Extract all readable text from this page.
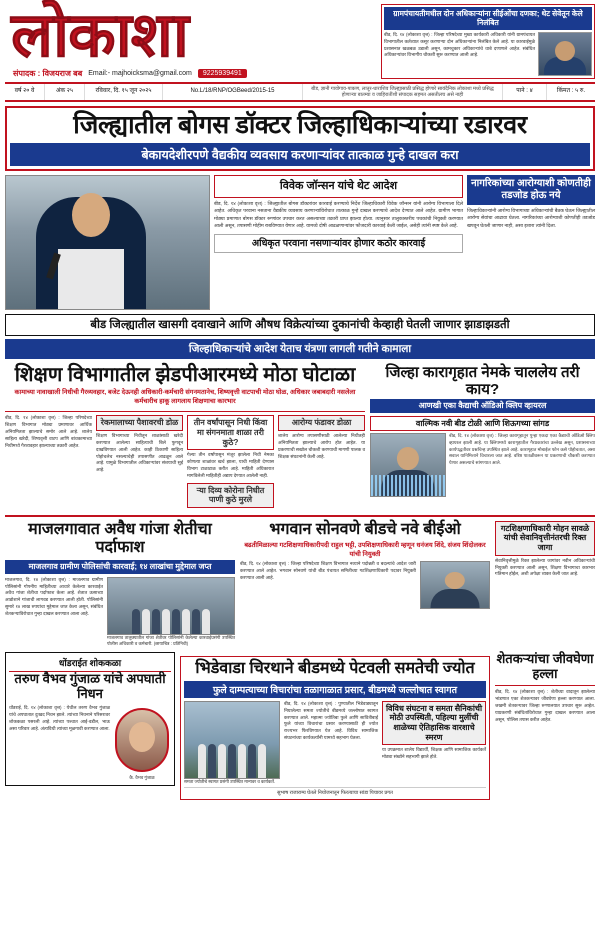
लोकाशा
संपादक : विजयराज बब Email:- majhoicksma@gmail.com	9225939491
ग्रामपंचायतीमधील दोन अधिकाऱ्यांना सीईओंचा दणका; थेट सेवेतून केले निलंबित
बीड, दि. १४ (लोकाशा वृत्त) : जिल्हा परिषदेच्या मुख्य कार्यकारी अधिकारी यांनी ग्रामपंचायत विभागातील कर्तव्यात कसूर करणाऱ्या दोन अधिकाऱ्यांना निलंबित केले आहे. या कारवाईमुळे प्रशासनात खळबळ उडाली असून, कामचुकार अधिकाऱ्यांचे धाबे दणाणले आहेत. संबंधित अधिकाऱ्यांवर विभागीय चौकशी सुरू करण्यात आली आहे.
वर्ष २० वे	अंक २५	रविवार, दि. १५ जून २०२५	No.L/18/RNP/OGBeed/2015-15	बीड, ज्ञानी गावोगाव-पाकण, लातूर-धाराशिव जिल्ह्यासाठी प्रसिद्ध होणारे सायंदैनिक लोकाशा मध्ये प्रसिद्ध होणाऱ्या बातम्या व जाहिरातींशी संपादक सहमत असतीलच असे नाही
पाने : ४	किंमत : ५ रु.
जिल्ह्यातील बोगस डॉक्टर जिल्हाधिकाऱ्यांच्या रडारवर
बेकायदेशीरपणे वैद्यकीय व्यवसाय करणाऱ्यांवर तात्काळ गुन्हे दाखल करा
विवेक जॉन्सन यांचे थेट आदेश
बीड, दि. १४ (लोकाशा वृत्त) : जिल्ह्यातील बोगस डॉक्टरांवर कारवाई करण्याचे निर्देश जिल्हाधिकारी विवेक जॉन्सन यांनी आरोग्य विभागाला दिले आहेत. अधिकृत परवाना नसताना वैद्यकीय व्यवसाय करणाऱ्यांविरोधात तात्काळ गुन्हे दाखल करण्याचे आदेश देण्यात आले आहेत. ग्रामीण भागात मोठ्या प्रमाणात बोगस डॉक्टर रुग्णांवर उपचार करत असल्याच्या तक्रारी प्राप्त झाल्या होत्या. त्यानुसार तालुकास्तरीय पथकांची नियुक्ती करण्यात आली असून, तपासणी मोहीम राबविण्यात येणार आहे. यामध्ये दोषी आढळणाऱ्यांवर फौजदारी कारवाई केली जाईल, असेही त्यांनी स्पष्ट केले आहे.
अधिकृत परवाना नसणाऱ्यांवर होणार कठोर कारवाई
नागरिकांच्या आरोग्याशी कोणतीही तडजोड होऊ नये
जिल्हाधिकाऱ्यांनी आरोग्य विभागाच्या अधिकाऱ्यांची बैठक घेऊन जिल्ह्यातील आरोग्य सेवांचा आढावा घेतला. नागरिकांच्या आरोग्याशी कोणतीही तडजोड खपवून घेतली जाणार नाही, असा इशारा त्यांनी दिला.
बीड जिल्ह्यातील खासगी दवाखाने आणि औषध विक्रेत्यांच्या दुकानांची केव्हाही घेतली जाणार झाडाझडती
जिल्हाधिकाऱ्यांचे आदेश येताच यंत्रणा लागली गतीने कामाला
शिक्षण विभागातील झेडपीआरमध्ये मोठा घोटाळा
कामाच्या नावाखाली निधीची गैरव्यवहार, बजेट देऊनही अधिकारी-कर्मचारी संगनमतानेच, शिष्यवृत्ती वाटपाची मोठा घोळ, अधिकार जबाबदारी नसलेला कर्मचारीच हाकू लागलाय शिक्षणाचा कारभार
बीड, दि. १४ (लोकाशा वृत्त) : जिल्हा परिषदेच्या शिक्षण विभागात मोठ्या प्रमाणावर आर्थिक अनियमितता झाल्याचे समोर आले आहे. शालेय साहित्य खरेदी, शिष्यवृत्ती वाटप आणि बांधकामाच्या निधीमध्ये गैरव्यवहार झाल्याच्या तक्रारी आहेत.
रेकमालाच्या पैशावरची डोळ
शिक्षण विभागाच्या निधीतून शाळांसाठी खरेदी करण्यात आलेल्या साहित्याची बिले फुगवून दाखविण्यात आली आहेत. काही ठिकाणी साहित्य पोहोचलेच नसल्याचेही तपासणीत आढळून आले आहे. यामुळे विभागातील अधिकाऱ्यांवर संशयाची सुई आहे.
तीन वर्षांपासून निधी किंवा मा संगनमाता शाळा तरी कुठे?
गेल्या तीन वर्षांपासून मंजूर झालेला निधी नेमका कोणत्या शाळांवर खर्च झाला, याची माहिती देण्यास विभाग टाळाटाळ करीत आहे. माहिती अधिकारात मागविलेली माहितीही अद्याप देण्यात आलेली नाही.
ऱ्या दिव्य कोरोना निधीत पाणी कुठे मुरले
आरोग्य फंडावर डोळा
शालेय आरोग्य तपासणीसाठी आलेल्या निधीतही अनियमितता झाल्याचे आरोप होत आहेत. या प्रकरणाची सखोल चौकशी करण्याची मागणी पालक व शिक्षक संघटनांनी केली आहे.
जिल्हा कारागृहात नेमके चाललेय तरी काय?
आणखी एका कैद्याची ऑडिओ क्लिप व्हायरल
वाल्मिक नवी बीड टोळी आणि शिऊगच्या सांगड
बीड, दि. १४ (लोकाशा वृत्त) : जिल्हा कारागृहातून पुन्हा एकदा एका कैद्याची ऑडिओ क्लिप व्हायरल झाली आहे. या क्लिपमध्ये कारागृहातील गैरप्रकारांचा उल्लेख असून, प्रशासनाच्या कार्यपद्धतीवर प्रश्नचिन्ह उपस्थित झाले आहे. कारागृहात मोबाईल फोन कसे पोहोचतात, असा सवाल यानिमित्ताने विचारला जात आहे. वरिष्ठ पातळीवरून या प्रकरणाची चौकशी करण्यात येणार असल्याचे सांगण्यात आले.
माजलगावात अवैध गांजा शेतीचा पर्दाफाश
माजलगाव ग्रामीण पोलिसांची कारवाई; १४ लाखांचा मुद्देमाल जप्त
माजलगाव, दि. १४ (लोकाशा वृत्त) : माजलगाव ग्रामीण पोलिसांनी गोपनीय माहितीच्या आधारे केलेल्या कारवाईत अवैध गांजा शेतीचा पर्दाफाश केला आहे. शेतात ऊसाच्या आडोशाने गांजाची लागवड करण्यात आली होती. पोलिसांनी सुमारे १४ लाख रुपयांचा मुद्देमाल जप्त केला असून, संबंधित शेतकऱ्याविरोधात गुन्हा दाखल करण्यात आला आहे.
माजलगाव तालुक्यातील गांजा शेतीवर पोलिसांनी केलेल्या कारवाईप्रसंगी उपस्थित पोलीस अधिकारी व कर्मचारी. (छायाचित्र : प्रतिनिधी)
भगवान सोनवणे बीडचे नवे बीईओ
बढतीमिळाल्या गटशिक्षणाधिकारीपदी राहुल भट्टी, उपशिक्षणाधिकारी म्हणून धनंजय शिंदे, संजय शिंदोलकर यांची नियुक्ती
बीड, दि. १४ (लोकाशा वृत्त) : जिल्हा परिषदेच्या शिक्षण विभागात नव्याने पदोन्नती व बदल्यांचे आदेश जारी करण्यात आले आहेत. भगवान सोनवणे यांची बीड पंचायत समितीच्या गटशिक्षणाधिकारी पदावर नियुक्ती करण्यात आली आहे.
गटशिक्षणाधिकारी मोहन सावळे यांची सेवानिवृत्तीनंतरची रिक्त जागा
सेवानिवृत्तीमुळे रिक्त झालेल्या जागांवर नवीन अधिकाऱ्यांची नियुक्ती करण्यात आली असून, शिक्षण विभागाचा कारभार गतिमान होईल, अशी अपेक्षा व्यक्त केली जात आहे.
धोंडराईत शोककळा
तरुण वैभव गुंजाळ यांचे अपघाती निधन
धोंडराई, दि. १४ (लोकाशा वृत्त) : येथील तरुण वैभव गुंजाळ यांचे अपघातात दुःखद निधन झाले. त्यांच्या निधनाने परिसरावर शोककळा पसरली आहे. त्यांच्या पश्चात आई-वडील, भाऊ असा परिवार आहे. अंत्यविधी त्यांच्या मूळगावी करण्यात आला.
कै. वैभव गुंजाळ
भिडेवाडा चिरथाने बीडमध्ये पेटवली समतेची ज्योत
फुले दाम्पत्याच्या विचारांचा तळागाळात प्रसार, बीडमध्ये जल्लोषात स्वागत
समता ज्योतीचे स्वागत प्रसंगी उपस्थित मान्यवर व कार्यकर्ते.
बीड, दि. १४ (लोकाशा वृत्त) : पुण्यातील भिडेवाड्यातून निघालेल्या समता ज्योतीचे बीडमध्ये जल्लोषात स्वागत करण्यात आले. महात्मा ज्योतिबा फुले आणि सावित्रीबाई फुले यांच्या विचारांचा प्रसार करण्यासाठी ही ज्योत राज्यभर फिरविण्यात येत आहे. विविध सामाजिक संघटनांच्या कार्यकर्त्यांनी यामध्ये सहभाग घेतला.
विविध संघटना व समता सैनिकांची मोठी उपस्थिती, पहिल्या मुलींची शाळेच्या ऐतिहासिक वारशाचे स्मरण
या उपक्रमात शालेय विद्यार्थी, शिक्षक आणि सामाजिक कार्यकर्ते मोठ्या संख्येने सहभागी झाले होते.
सुभाष राजाराम्य घेतले नियोजनातून फिरत्याचा सांडा पिचावर प्रगत
शेतकऱ्यांचा जीवघेणा हल्ला
बीड, दि. १४ (लोकाशा वृत्त) : शेतीच्या वादातून झालेल्या भांडणात एका शेतकऱ्यावर जीवघेणा हल्ला करण्यात आला. जखमी शेतकऱ्यावर जिल्हा रुग्णालयात उपचार सुरू आहेत. याप्रकरणी संबंधितांविरोधात गुन्हा दाखल करण्यात आला असून, पोलिस तपास करीत आहेत.
